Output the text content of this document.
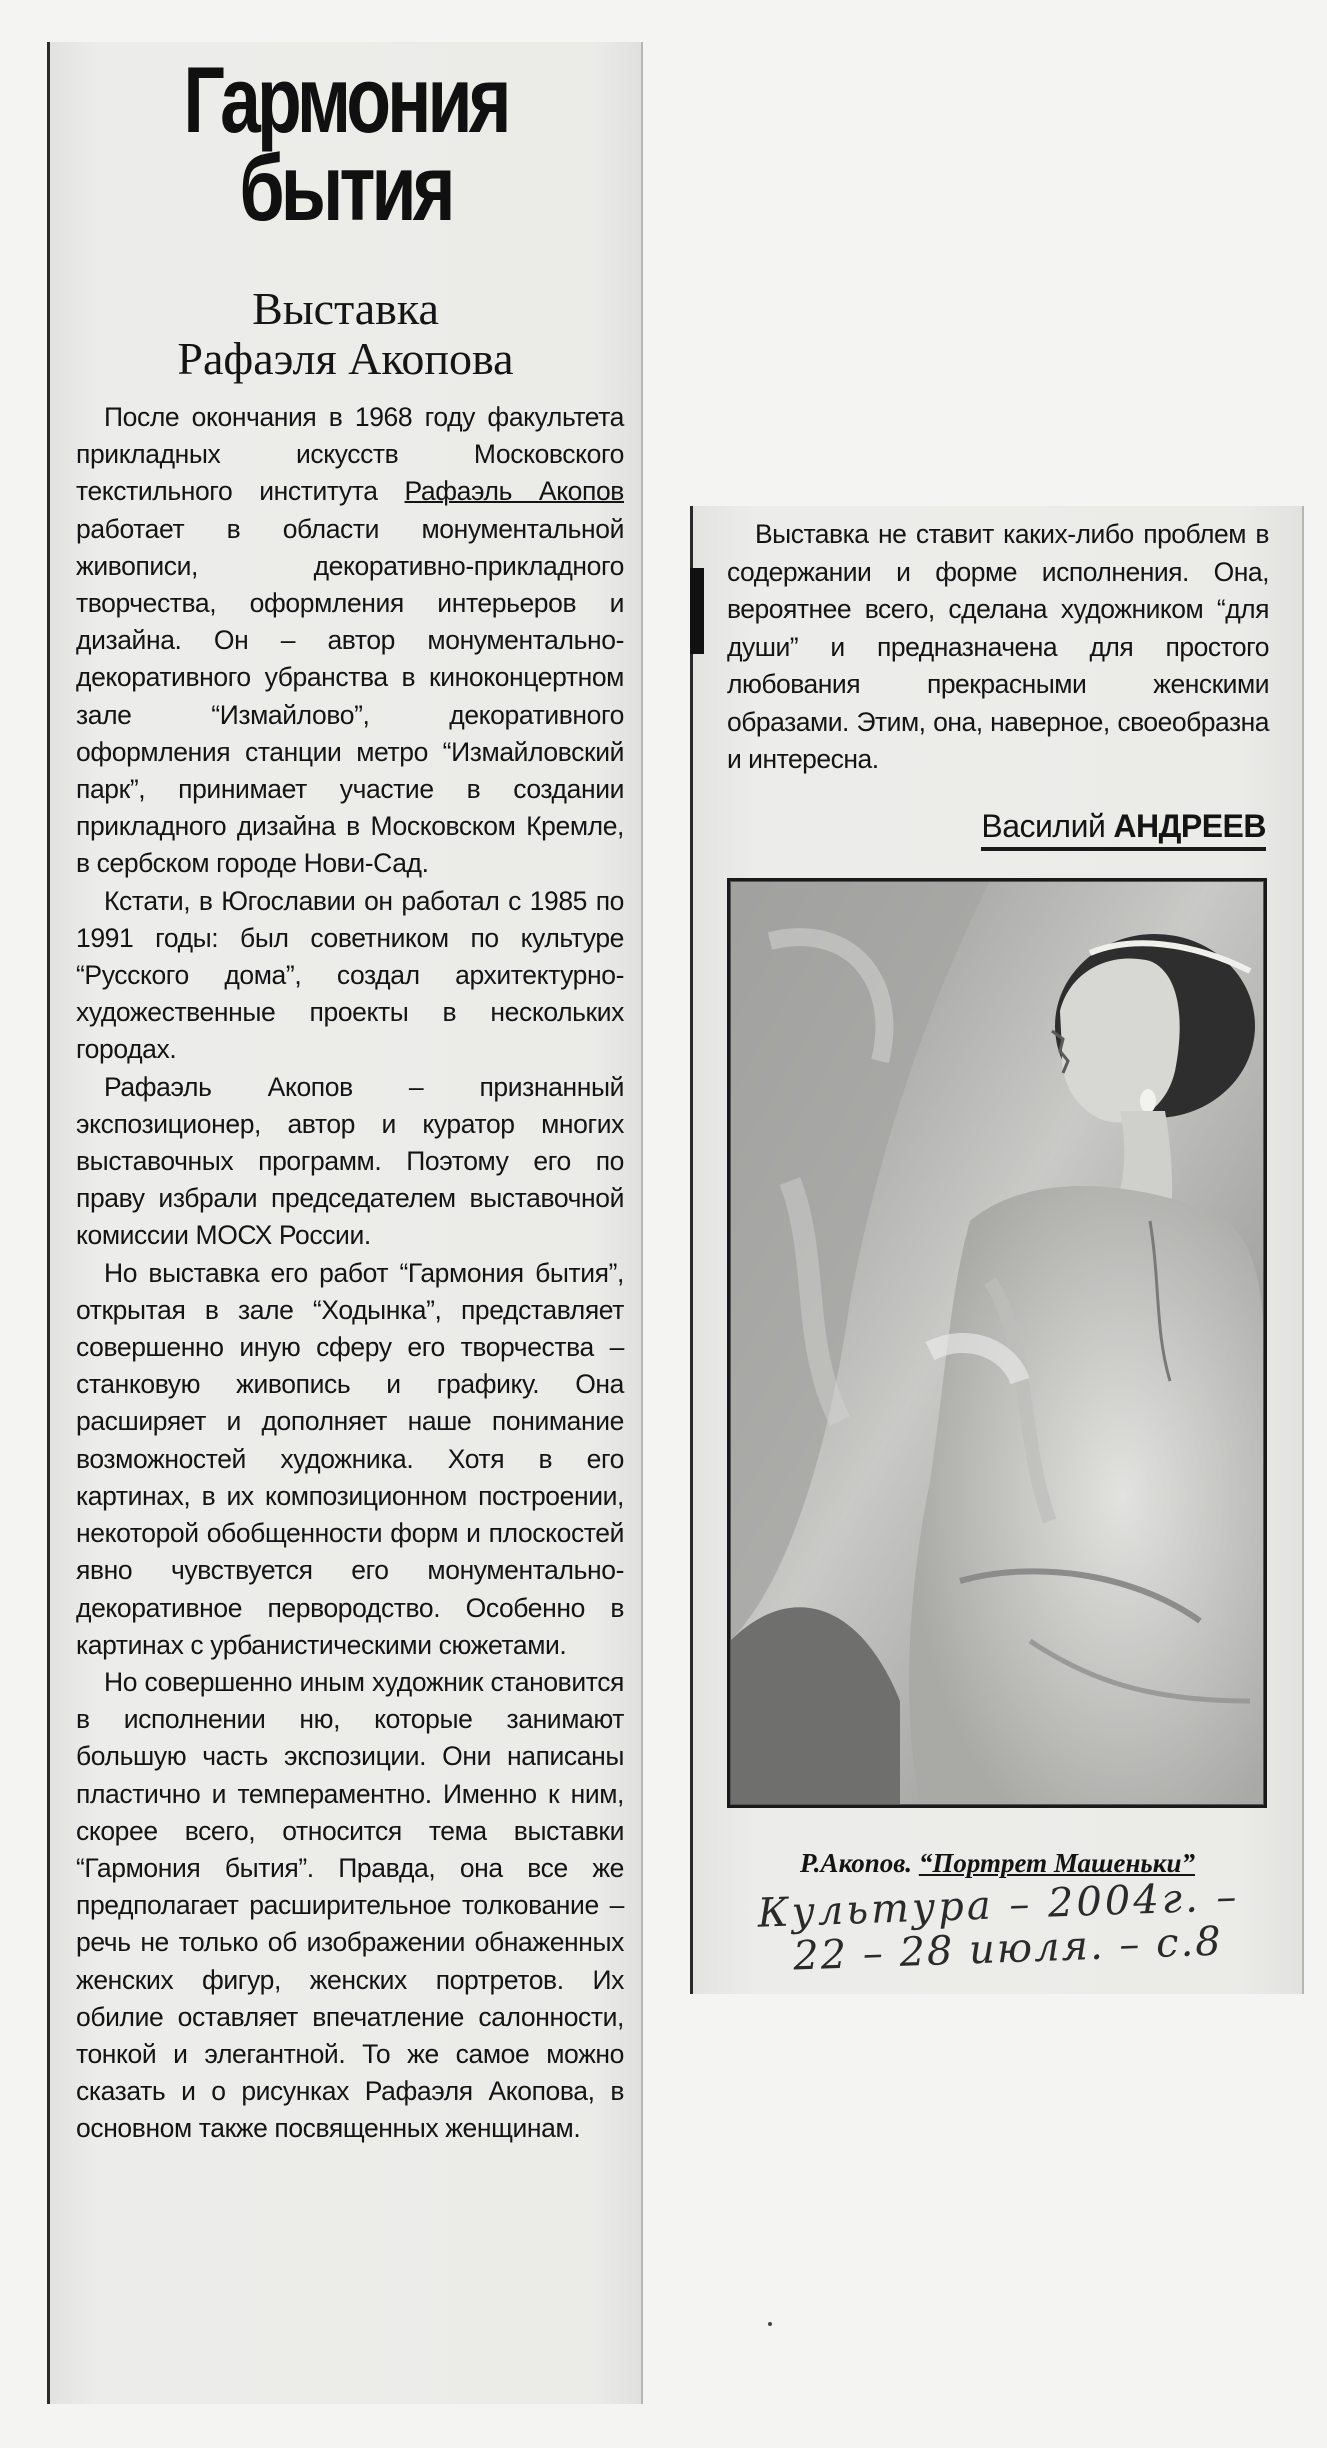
Гармония
бытия
Выставка
Рафаэля Акопова

После окончания в 1968 году факультета прикладных искусств Московского текстильного института Рафаэль Акопов работает в области монументальной живописи, декоративно-прикладного творчества, оформления интерьеров и дизайна. Он – автор монументально-декоративного убранства в киноконцертном зале “Измайлово”, декоративного оформления станции метро “Измайловский парк”, принимает участие в создании прикладного дизайна в Московском Кремле, в сербском городе Нови-Сад.

Кстати, в Югославии он работал с 1985 по 1991 годы: был советником по культуре “Русского дома”, создал архитектурно-художественные проекты в нескольких городах.

Рафаэль Акопов – признанный экспозиционер, автор и куратор многих выставочных программ. Поэтому его по праву избрали председателем выставочной комиссии МОСХ России.

Но выставка его работ “Гармония бытия”, открытая в зале “Ходынка”, представляет совершенно иную сферу его творчества – станковую живопись и графику. Она расширяет и дополняет наше понимание возможностей художника. Хотя в его картинах, в их композиционном построении, некоторой обобщенности форм и плоскостей явно чувствуется его монументально-декоративное первородство. Особенно в картинах с урбанистическими сюжетами.

Но совершенно иным художник становится в исполнении ню, которые занимают большую часть экспозиции. Они написаны пластично и темпераментно. Именно к ним, скорее всего, относится тема выставки “Гармония бытия”. Правда, она все же предполагает расширительное толкование – речь не только об изображении обнаженных женских фигур, женских портретов. Их обилие оставляет впечатление салонности, тонкой и элегантной. То же самое можно сказать и о рисунках Рафаэля Акопова, в основном также посвященных женщинам.

Выставка не ставит каких-либо проблем в содержании и форме исполнения. Она, вероятнее всего, сделана художником “для души” и предназначена для простого любования прекрасными женскими образами. Этим, она, наверное, своеобразна и интересна.

Василий АНДРЕЕВ
Р.Акопов. “Портрет Машеньки”
Культура – 2004г. –
22 – 28 июля. – с.8
